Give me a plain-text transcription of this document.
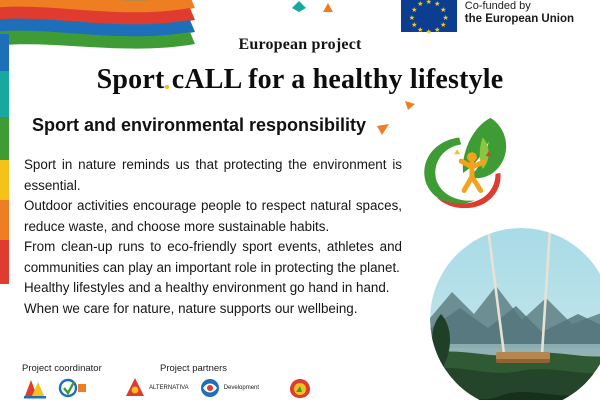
★ ★
★
★
★
★
★
★
★
★
★
★	Co-funded by
the European Union
European project
Sport cALL for a healthy lifestyle
Sport and environmental responsibility

Sport in nature reminds us that protecting the environment is essential.

Outdoor activities encourage people to respect natural spaces, reduce waste, and choose more sustainable habits.

From clean-up runs to eco-friendly sport events, athletes and communities can play an important role in protecting the planet.

Healthy lifestyles and a healthy environment go hand in hand.

When we care for nature, nature supports our wellbeing.

Project coordinator	Project partners
ALTERNATIVA	Development
